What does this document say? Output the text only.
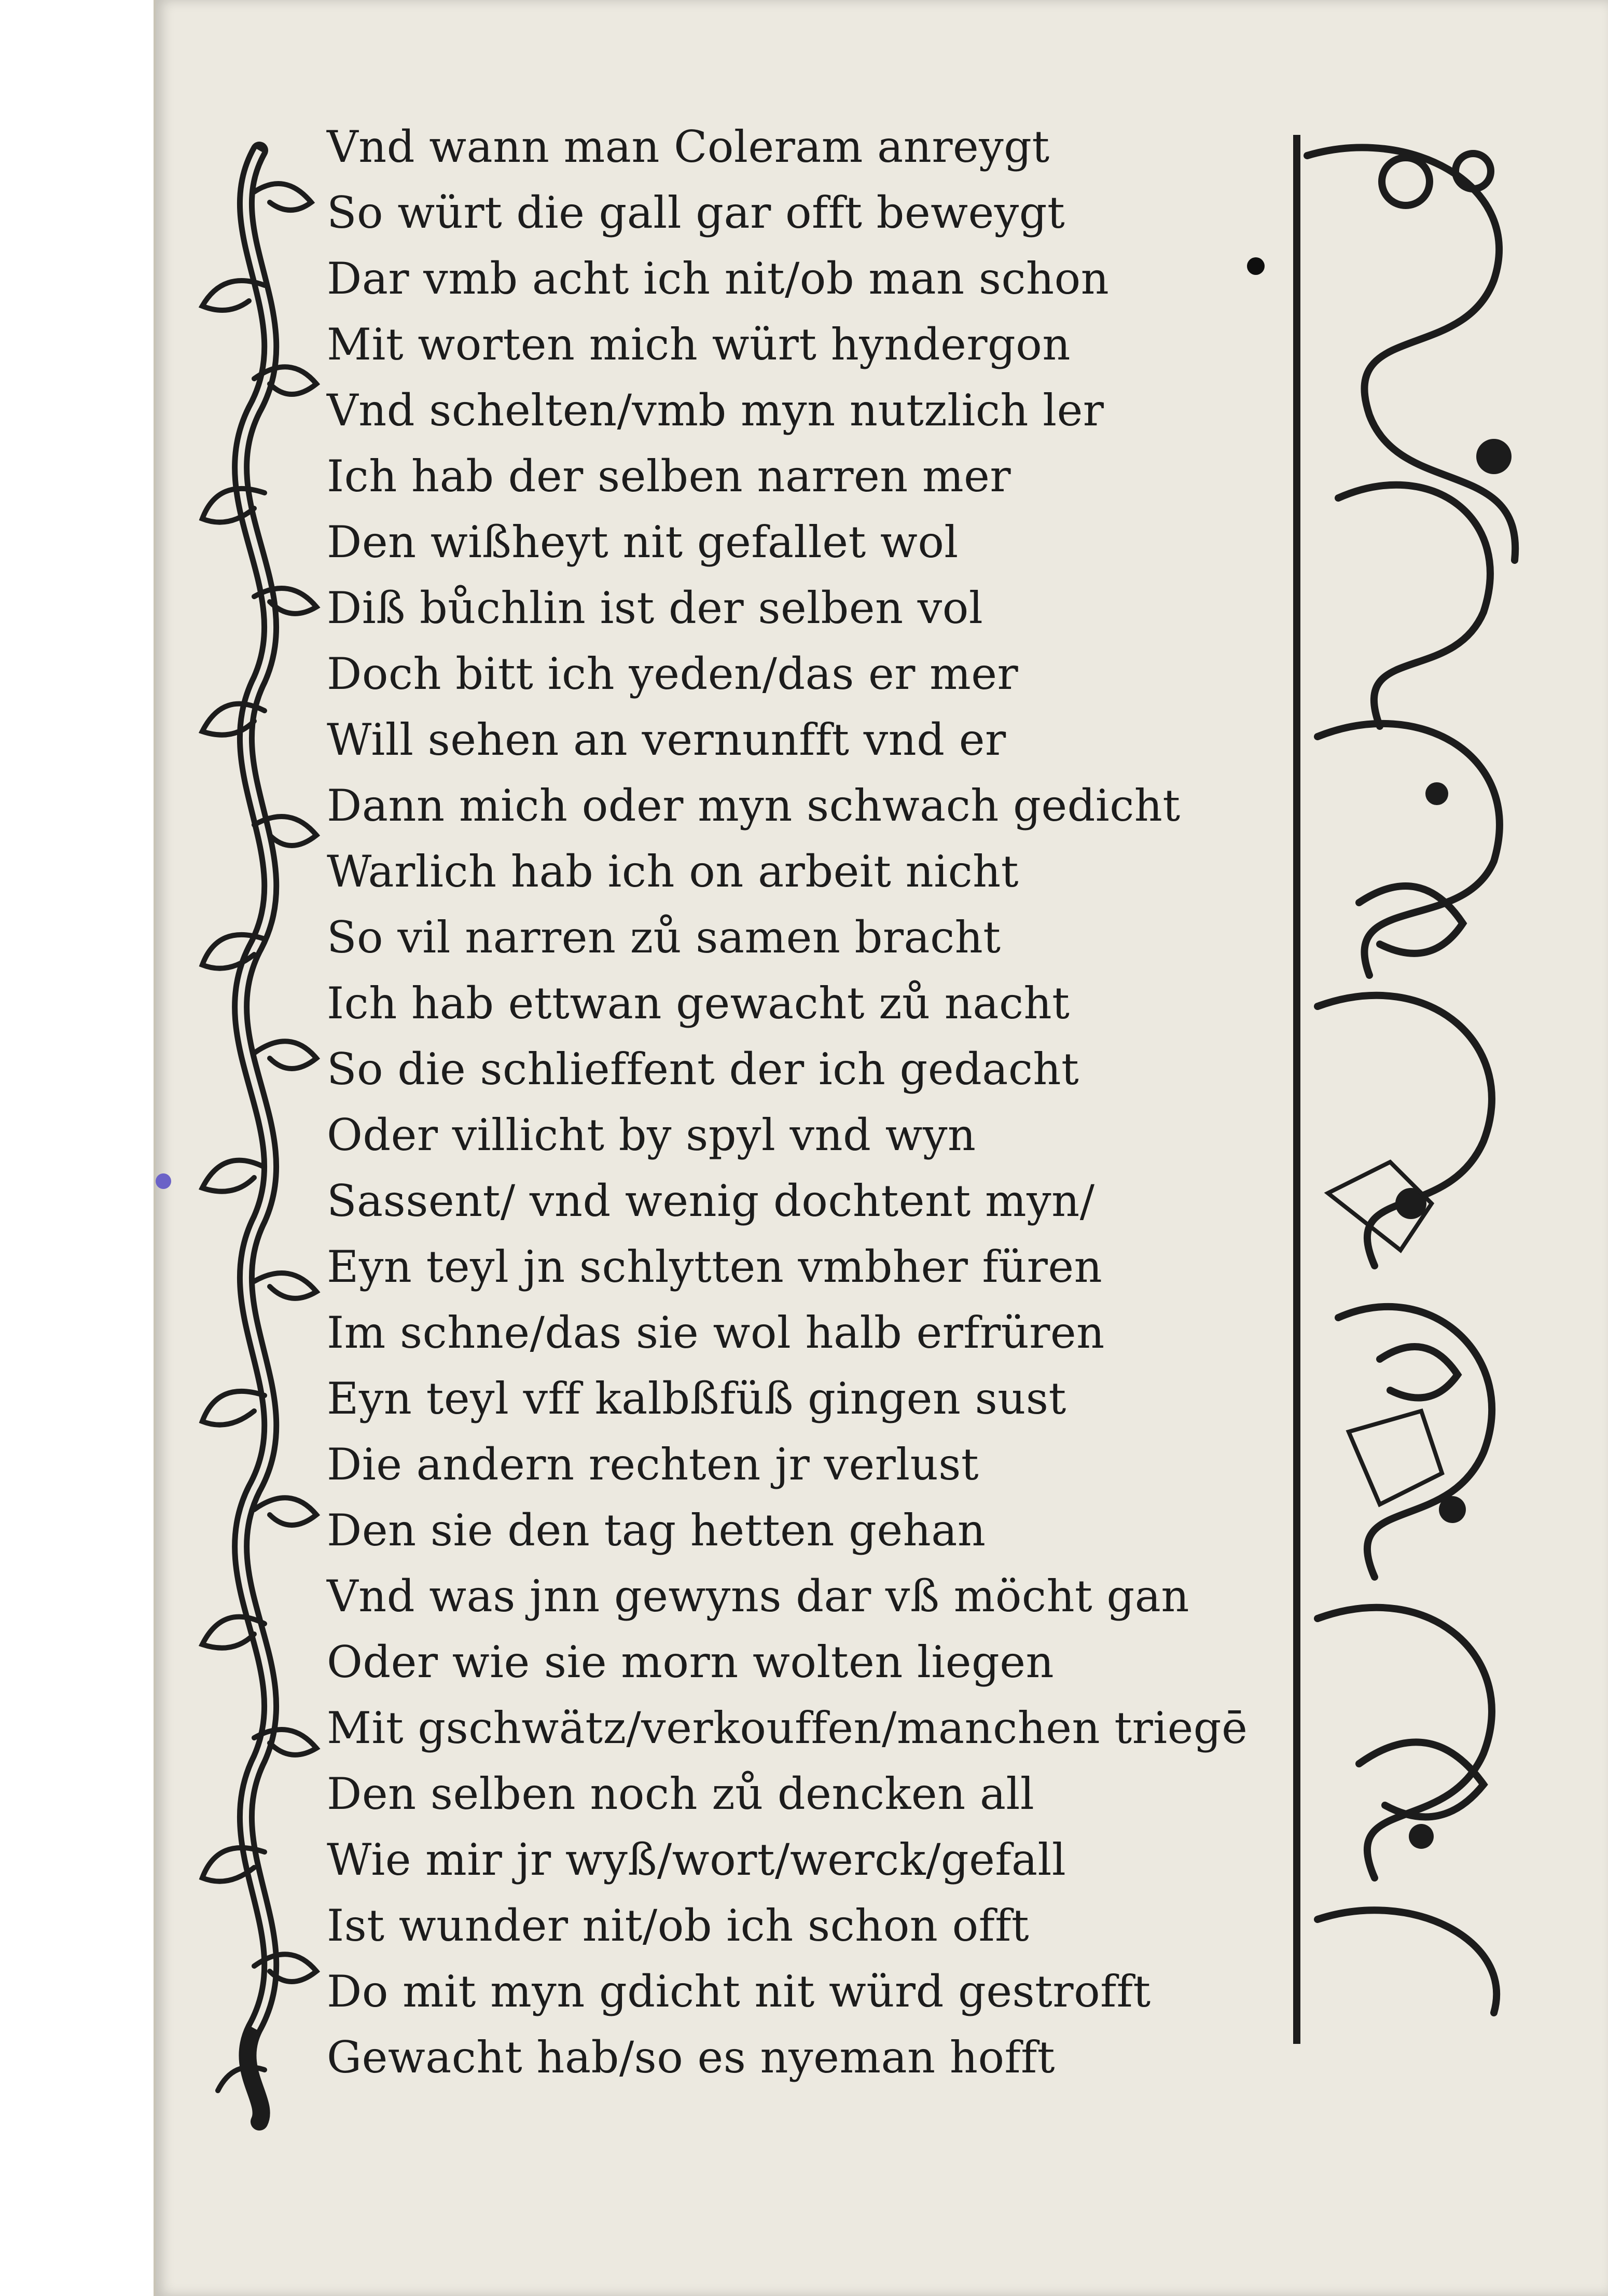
Vnd wann man Coleram anreygt
So würt die gall gar offt beweygt
Dar vmb acht ich nit/ob man schon
Mit worten mich würt hyndergon
Vnd schelten/vmb myn nutzlich ler
Ich hab der selben narren mer
Den wißheyt nit gefallet wol
Diß bůchlin ist der selben vol
Doch bitt ich yeden/das er mer
Will sehen an vernunfft vnd er
Dann mich oder myn schwach gedicht
Warlich hab ich on arbeit nicht
So vil narren zů samen bracht
Ich hab ettwan gewacht zů nacht
So die schlieffent der ich gedacht
Oder villicht by spyl vnd wyn
Sassent/ vnd wenig dochtent myn/
Eyn teyl jn schlytten vmbher füren
Im schne/das sie wol halb erfrüren
Eyn teyl vff kalbßfüß gingen sust
Die andern rechten jr verlust
Den sie den tag hetten gehan
Vnd was jnn gewyns dar vß möcht gan
Oder wie sie morn wolten liegen
Mit gschwätz/verkouffen/manchen triegē
Den selben noch zů dencken all
Wie mir jr wyß/wort/werck/gefall
Ist wunder nit/ob ich schon offt
Do mit myn gdicht nit würd gestrofft
Gewacht hab/so es nyeman hofft
